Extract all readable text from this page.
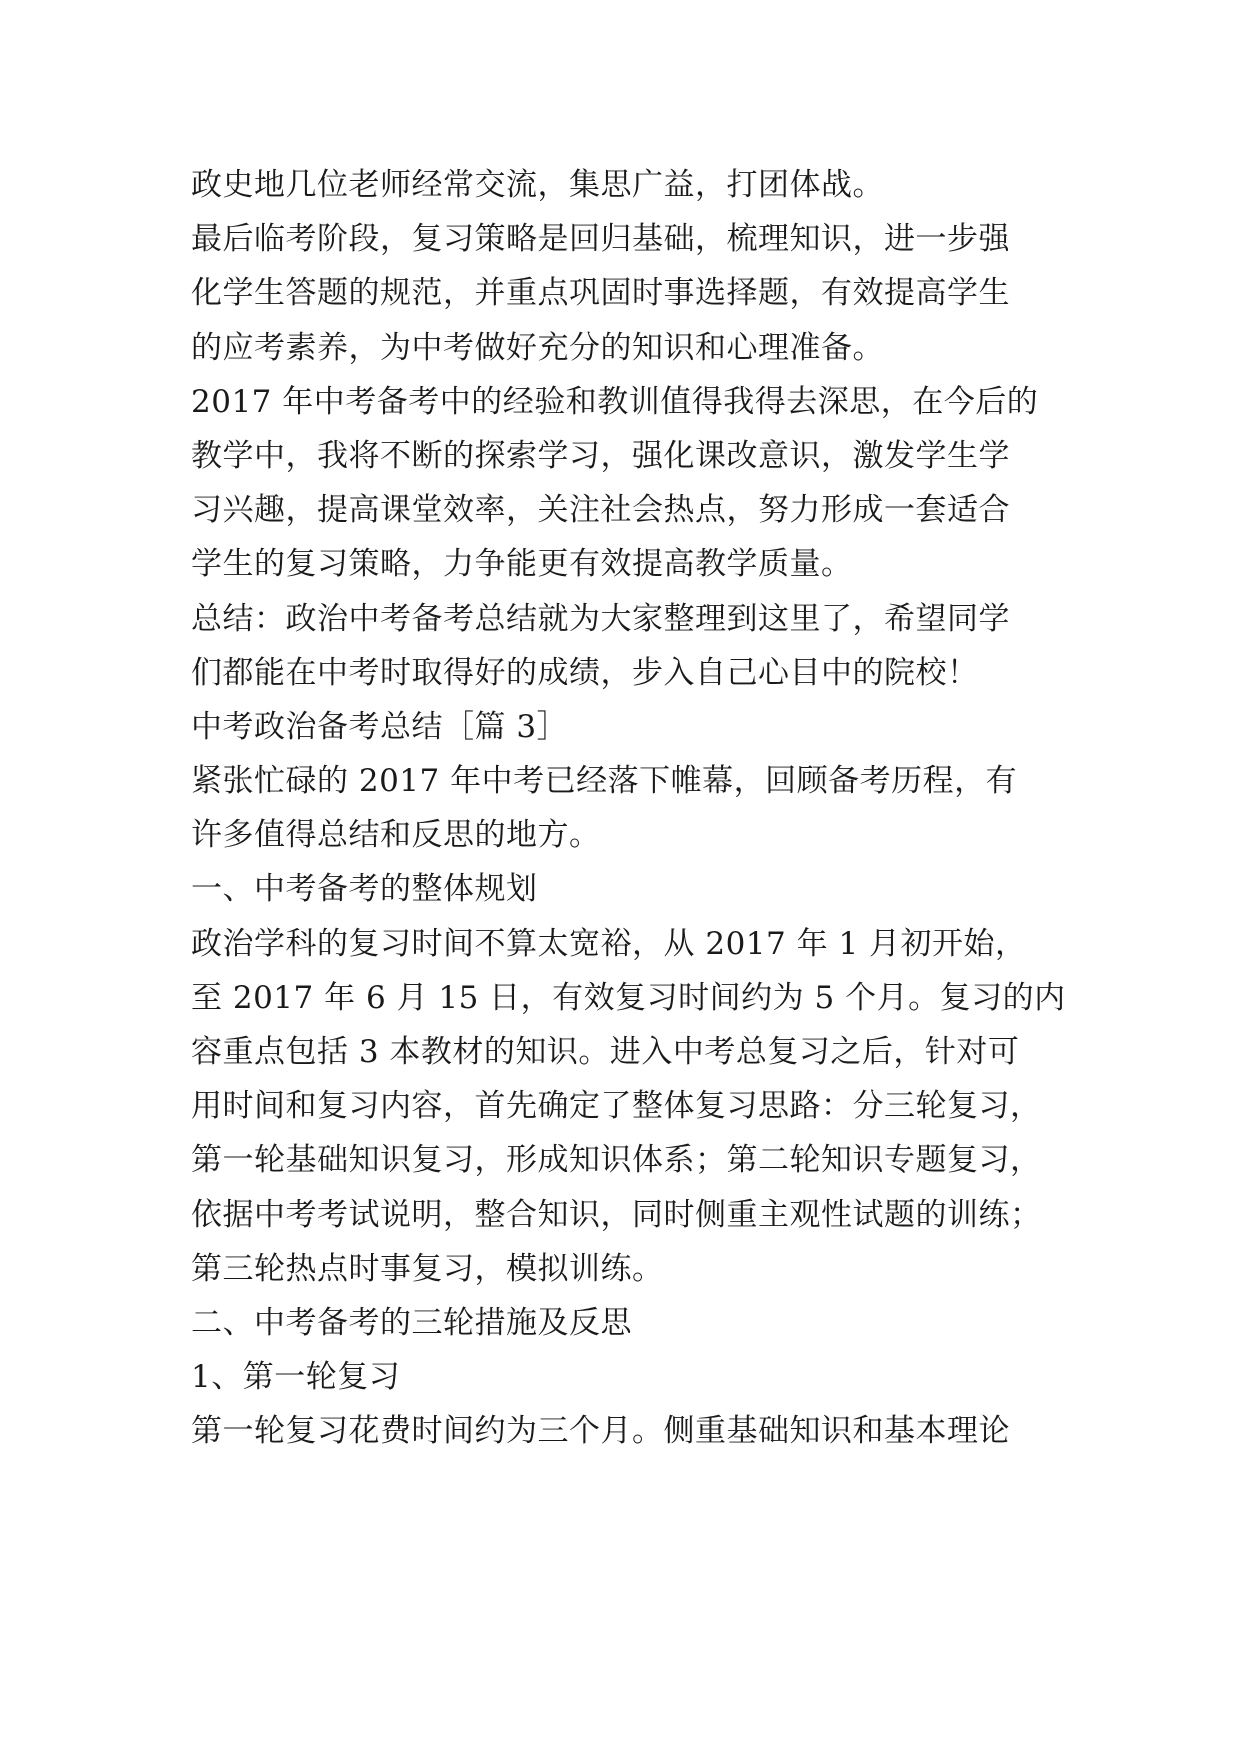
政史地几位老师经常交流，集思广益，打团体战。
最后临考阶段，复习策略是回归基础，梳理知识，进一步强
化学生答题的规范，并重点巩固时事选择题，有效提高学生
的应考素养，为中考做好充分的知识和心理准备。
2017 年中考备考中的经验和教训值得我得去深思，在今后的
教学中，我将不断的探索学习，强化课改意识，激发学生学
习兴趣，提高课堂效率，关注社会热点，努力形成一套适合
学生的复习策略，力争能更有效提高教学质量。
总结：政治中考备考总结就为大家整理到这里了，希望同学
们都能在中考时取得好的成绩，步入自己心目中的院校！
中考政治备考总结［篇 3］
紧张忙碌的 2017 年中考已经落下帷幕，回顾备考历程，有
许多值得总结和反思的地方。
一、中考备考的整体规划
政治学科的复习时间不算太宽裕，从 2017 年 1 月初开始，
至 2017 年 6 月 15 日，有效复习时间约为 5 个月。复习的内
容重点包括 3 本教材的知识。进入中考总复习之后，针对可
用时间和复习内容，首先确定了整体复习思路：分三轮复习，
第一轮基础知识复习，形成知识体系；第二轮知识专题复习，
依据中考考试说明，整合知识，同时侧重主观性试题的训练；
第三轮热点时事复习，模拟训练。
二、中考备考的三轮措施及反思
1、第一轮复习
第一轮复习花费时间约为三个月。侧重基础知识和基本理论
